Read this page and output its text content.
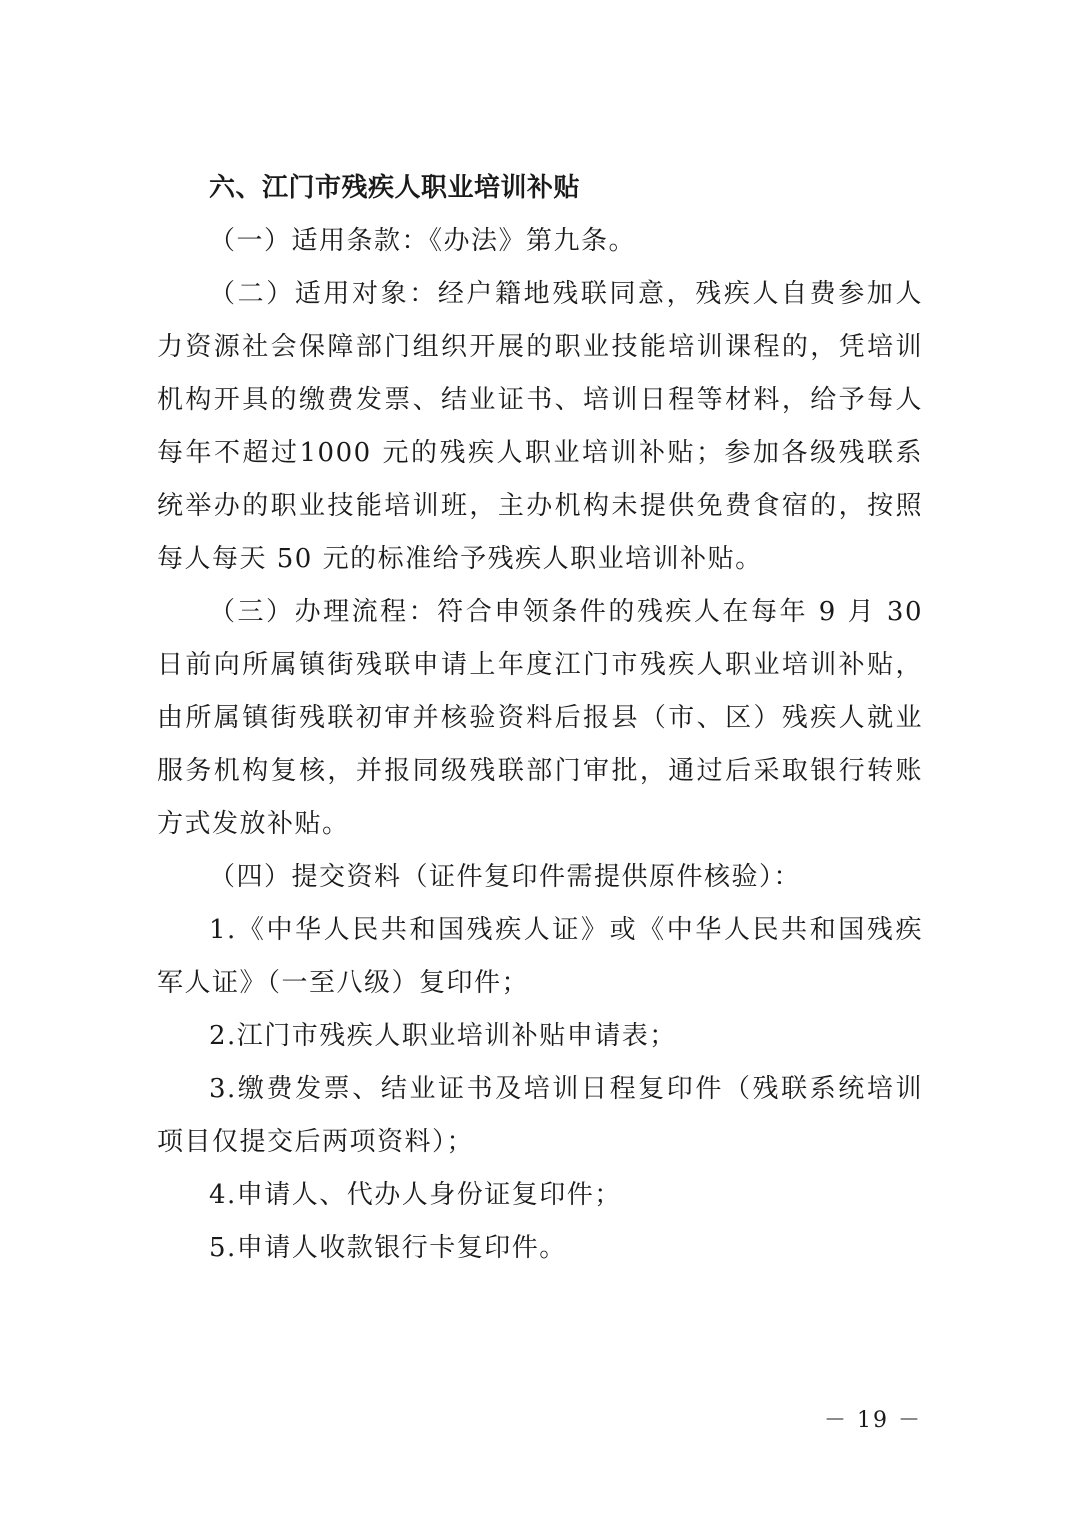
六、江门市残疾人职业培训补贴

（一）适用条款：《办法》第九条。

（二）适用对象：经户籍地残联同意，残疾人自费参加人力资源社会保障部门组织开展的职业技能培训课程的，凭培训机构开具的缴费发票、结业证书、培训日程等材料，给予每人每年不超过1000 元的残疾人职业培训补贴；参加各级残联系统举办的职业技能培训班，主办机构未提供免费食宿的，按照每人每天 50 元的标准给予残疾人职业培训补贴。

（三）办理流程：符合申领条件的残疾人在每年 9 月 30 日前向所属镇街残联申请上年度江门市残疾人职业培训补贴，由所属镇街残联初审并核验资料后报县（市、区）残疾人就业服务机构复核，并报同级残联部门审批，通过后采取银行转账方式发放补贴。

（四）提交资料（证件复印件需提供原件核验）：

1.《中华人民共和国残疾人证》或《中华人民共和国残疾军人证》（一至八级）复印件；

2.江门市残疾人职业培训补贴申请表；

3.缴费发票、结业证书及培训日程复印件（残联系统培训项目仅提交后两项资料）；

4.申请人、代办人身份证复印件；

5.申请人收款银行卡复印件。

－ 19 －
